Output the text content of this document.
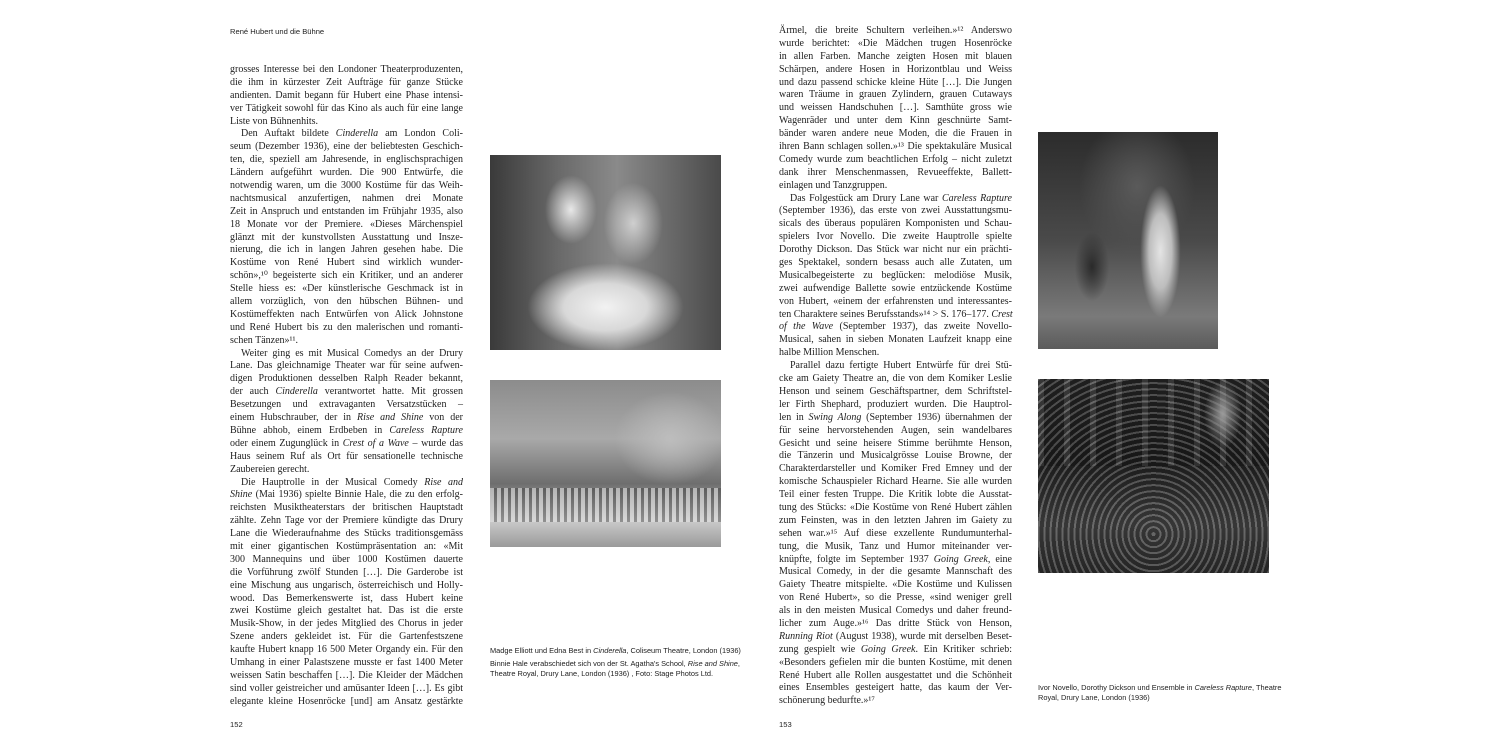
René Hubert und die Bühne
grosses Interesse bei den Londoner Theaterproduzenten,
die ihm in kürzester Zeit Aufträge für ganze Stücke
andienten. Damit begann für Hubert eine Phase intensi-
ver Tätigkeit sowohl für das Kino als auch für eine lange
Liste von Bühnenhits.
Den Auftakt bildete Cinderella am London Coli-
seum (Dezember 1936), eine der beliebtesten Geschich-
ten, die, speziell am Jahresende, in englischsprachigen
Ländern aufgeführt wurden. Die 900 Entwürfe, die
notwendig waren, um die 3000 Kostüme für das Weih-
nachtsmusical anzufertigen, nahmen drei Monate
Zeit in Anspruch und entstanden im Frühjahr 1935, also
18 Monate vor der Premiere. «Dieses Märchenspiel
glänzt mit der kunstvollsten Ausstattung und Insze-
nierung, die ich in langen Jahren gesehen habe. Die
Kostüme von René Hubert sind wirklich wunder-
schön»,¹⁰ begeisterte sich ein Kritiker, und an anderer
Stelle hiess es: «Der künstlerische Geschmack ist in
allem vorzüglich, von den hübschen Bühnen- und
Kostümeffekten nach Entwürfen von Alick Johnstone
und René Hubert bis zu den malerischen und romanti-
schen Tänzen»¹¹.
Weiter ging es mit Musical Comedys an der Drury
Lane. Das gleichnamige Theater war für seine aufwen-
digen Produktionen desselben Ralph Reader bekannt,
der auch Cinderella verantwortet hatte. Mit grossen
Besetzungen und extravaganten Versatzstücken –
einem Hubschrauber, der in Rise and Shine von der
Bühne abhob, einem Erdbeben in Careless Rapture
oder einem Zugunglück in Crest of a Wave – wurde das
Haus seinem Ruf als Ort für sensationelle technische
Zaubereien gerecht.
Die Hauptrolle in der Musical Comedy Rise and
Shine (Mai 1936) spielte Binnie Hale, die zu den erfolg-
reichsten Musiktheaterstars der britischen Hauptstadt
zählte. Zehn Tage vor der Premiere kündigte das Drury
Lane die Wiederaufnahme des Stücks traditionsgemäss
mit einer gigantischen Kostümpräsentation an: «Mit
300 Mannequins und über 1000 Kostümen dauerte
die Vorführung zwölf Stunden […]. Die Garderobe ist
eine Mischung aus ungarisch, österreichisch und Holly-
wood. Das Bemerkenswerte ist, dass Hubert keine
zwei Kostüme gleich gestaltet hat. Das ist die erste
Musik-Show, in der jedes Mitglied des Chorus in jeder
Szene anders gekleidet ist. Für die Gartenfestszene
kaufte Hubert knapp 16 500 Meter Organdy ein. Für den
Umhang in einer Palastszene musste er fast 1400 Meter
weissen Satin beschaffen […]. Die Kleider der Mädchen
sind voller geistreicher und amüsanter Ideen […]. Es gibt
elegante kleine Hosenröcke [und] am Ansatz gestärkte
Ärmel, die breite Schultern verleihen.»¹² Anderswo
wurde berichtet: «Die Mädchen trugen Hosenröcke
in allen Farben. Manche zeigten Hosen mit blauen
Schärpen, andere Hosen in Horizontblau und Weiss
und dazu passend schicke kleine Hüte […]. Die Jungen
waren Träume in grauen Zylindern, grauen Cutaways
und weissen Handschuhen […]. Samthüte gross wie
Wagenräder und unter dem Kinn geschnürte Samt-
bänder waren andere neue Moden, die die Frauen in
ihren Bann schlagen sollen.»¹³ Die spektakuläre Musical
Comedy wurde zum beachtlichen Erfolg – nicht zuletzt
dank ihrer Menschenmassen, Revueeffekte, Ballett-
einlagen und Tanzgruppen.
Das Folgestück am Drury Lane war Careless Rapture
(September 1936), das erste von zwei Ausstattungsmu-
sicals des überaus populären Komponisten und Schau-
spielers Ivor Novello. Die zweite Hauptrolle spielte
Dorothy Dickson. Das Stück war nicht nur ein prächti-
ges Spektakel, sondern besass auch alle Zutaten, um
Musicalbegeisterte zu beglücken: melodiöse Musik,
zwei aufwendige Ballette sowie entzückende Kostüme
von Hubert, «einem der erfahrensten und interessantes-
ten Charaktere seines Berufsstands»¹⁴ > S. 176–177. Crest
of the Wave (September 1937), das zweite Novello-
Musical, sahen in sieben Monaten Laufzeit knapp eine
halbe Million Menschen.
Parallel dazu fertigte Hubert Entwürfe für drei Stü-
cke am Gaiety Theatre an, die von dem Komiker Leslie
Henson und seinem Geschäftspartner, dem Schriftstel-
ler Firth Shephard, produziert wurden. Die Hauptrol-
len in Swing Along (September 1936) übernahmen der
für seine hervorstehenden Augen, sein wandelbares
Gesicht und seine heisere Stimme berühmte Henson,
die Tänzerin und Musicalgrösse Louise Browne, der
Charakterdarsteller und Komiker Fred Emney und der
komische Schauspieler Richard Hearne. Sie alle wurden
Teil einer festen Truppe. Die Kritik lobte die Ausstat-
tung des Stücks: «Die Kostüme von René Hubert zählen
zum Feinsten, was in den letzten Jahren im Gaiety zu
sehen war.»¹⁵ Auf diese exzellente Rundumunterhal-
tung, die Musik, Tanz und Humor miteinander ver-
knüpfte, folgte im September 1937 Going Greek, eine
Musical Comedy, in der die gesamte Mannschaft des
Gaiety Theatre mitspielte. «Die Kostüme und Kulissen
von René Hubert», so die Presse, «sind weniger grell
als in den meisten Musical Comedys und daher freund-
licher zum Auge.»¹⁶ Das dritte Stück von Henson,
Running Riot (August 1938), wurde mit derselben Beset-
zung gespielt wie Going Greek. Ein Kritiker schrieb:
«Besonders gefielen mir die bunten Kostüme, mit denen
René Hubert alle Rollen ausgestattet und die Schönheit
eines Ensembles gesteigert hatte, das kaum der Ver-
schönerung bedurfte.»¹⁷

Madge Elliott und Edna Best in Cinderella, Coliseum Theatre, London (1936)

Binnie Hale verabschiedet sich von der St. Agatha's School, Rise and Shine, Theatre Royal, Drury Lane, London (1936) , Foto: Stage Photos Ltd.

Ivor Novello, Dorothy Dickson und Ensemble in Careless Rapture, Theatre Royal, Drury Lane, London (1936)

152	153
